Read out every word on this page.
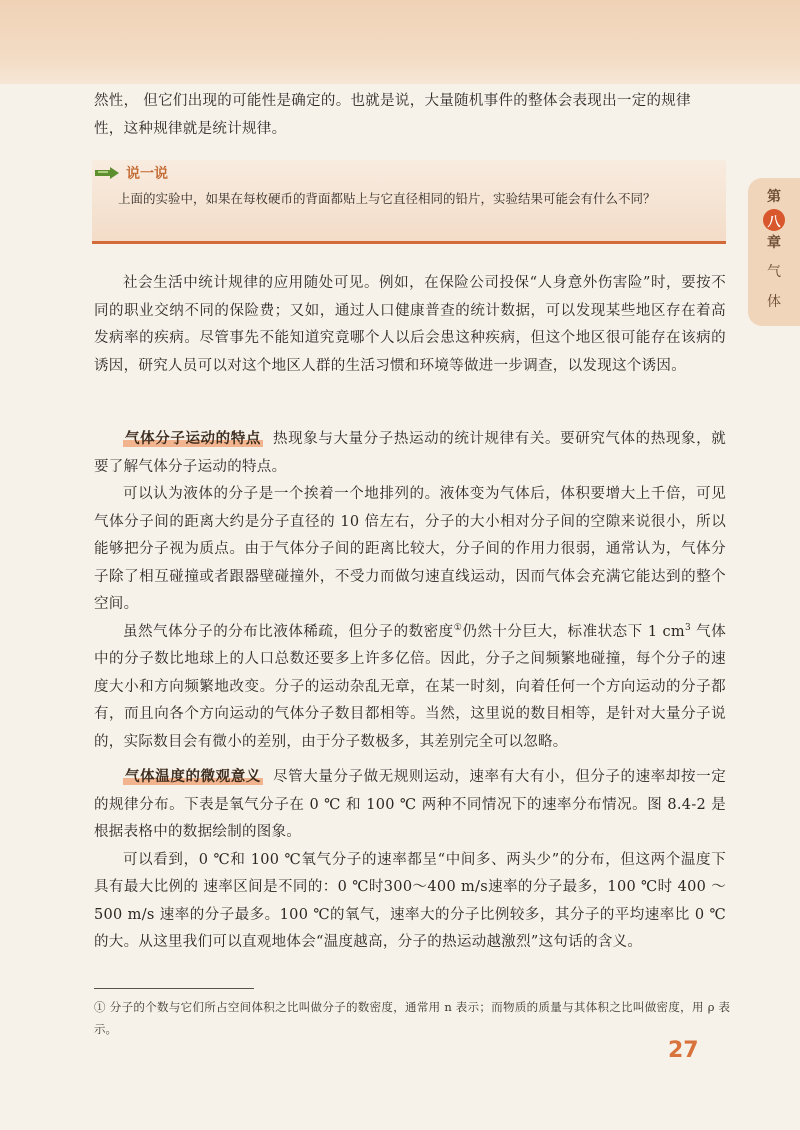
第
八
章
气
体

然性， 但它们出现的可能性是确定的。也就是说，大量随机事件的整体会表现出一定的规律

性，这种规律就是统计规律。

说一说
上面的实验中，如果在每枚硬币的背面都贴上与它直径相同的铅片，实验结果可能会有什么不同？

社会生活中统计规律的应用随处可见。例如，在保险公司投保“人身意外伤害险”时，要按不同的职业交纳不同的保险费；又如，通过人口健康普查的统计数据，可以发现某些地区存在着高发病率的疾病。尽管事先不能知道究竟哪个人以后会患这种疾病，但这个地区很可能存在该病的诱因，研究人员可以对这个地区人群的生活习惯和环境等做进一步调查，以发现这个诱因。

气体分子运动的特点 热现象与大量分子热运动的统计规律有关。要研究气体的热现象，就要了解气体分子运动的特点。

可以认为液体的分子是一个挨着一个地排列的。液体变为气体后，体积要增大上千倍，可见气体分子间的距离大约是分子直径的 10 倍左右，分子的大小相对分子间的空隙来说很小，所以能够把分子视为质点。由于气体分子间的距离比较大，分子间的作用力很弱，通常认为，气体分子除了相互碰撞或者跟器壁碰撞外，不受力而做匀速直线运动，因而气体会充满它能达到的整个空间。

虽然气体分子的分布比液体稀疏，但分子的数密度①仍然十分巨大，标准状态下 1 $cm^3$ 气体中的分子数比地球上的人口总数还要多上许多亿倍。因此，分子之间频繁地碰撞，每个分子的速度大小和方向频繁地改变。分子的运动杂乱无章，在某一时刻，向着任何一个方向运动的分子都有，而且向各个方向运动的气体分子数目都相等。当然，这里说的数目相等，是针对大量分子说的，实际数目会有微小的差别，由于分子数极多，其差别完全可以忽略。

气体温度的微观意义 尽管大量分子做无规则运动，速率有大有小，但分子的速率却按一定的规律分布。下表是氧气分子在 0 ℃ 和 100 ℃ 两种不同情况下的速率分布情况。图 8.4-2 是根据表格中的数据绘制的图象。

可以看到，0 ℃和 100 ℃氧气分子的速率都呈“中间多、两头少”的分布，但这两个温度下具有最大比例的 速率区间是不同的：0 ℃时300～400 m/s速率的分子最多，100 ℃时 400 ～500 m/s 速率的分子最多。100 ℃的氧气，速率大的分子比例较多，其分子的平均速率比 0 ℃的大。从这里我们可以直观地体会“温度越高，分子的热运动越激烈”这句话的含义。

① 分子的个数与它们所占空间体积之比叫做分子的数密度，通常用 n 表示；而物质的质量与其体积之比叫做密度，用 ρ 表示。
27
